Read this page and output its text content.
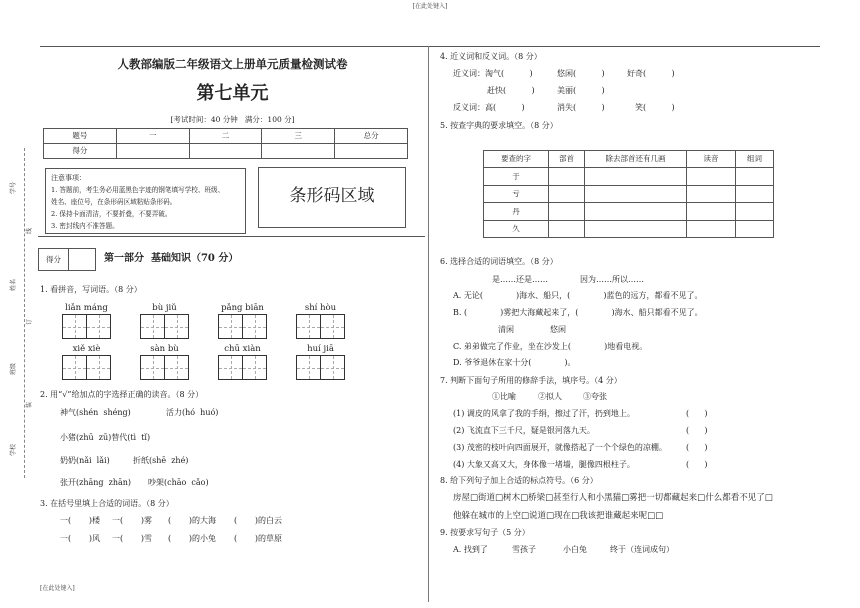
[在此处键入]
学号
线
姓名
订
班级
装
学校
人教部编版二年级语文上册单元质量检测试卷
第七单元
[考试时间：40 分钟   满分：100 分]
题号	一	二	三	总分
得分				
注意事项：
1. 答题前，考生务必用蓝黑色字迹的钢笔填写学校、班级、
姓名、座位号，在条形码区域粘贴条形码。
2. 保持卡面清洁，不要折叠，不要弄破。
3. 密封线内不准答题。
条形码区域
得分	第一部分  基础知识（70 分）
1. 看拼音，写词语。（8 分）
liǎn máng	bù jiǔ	pǎng biān	shí hòu
xiě xiè	sàn bù	chū xiàn	huí jiā
2. 用“√”给加点的字选择正确的读音。（8 分）
神气(shén  shéng)	活力(hó  huó)
小猪(zhū  zū)替代(tì  tǐ)
奶奶(nǎi  lǎi)	折纸(shē  zhé)
张开(zhāng  zhān) 吵架(chāo  cǎo)
3. 在括号里填上合适的词语。（8 分）
一(       )楼 一(       )雾 (       )的大海 (       )的白云
一(       )风 一(       )雪 (       )的小兔 (       )的草原
[在此处键入]
4. 近义词和反义词。（8 分）
近义词： 淘气(          )	悠闲(          )	好奇(          )
赶快(          )	美丽(          )
反义词： 高(          )	消失(          )	笑(          )
5. 按查字典的要求填空。（8 分）
要查的字	部首	除去部首还有几画	读音	组词
于				
亏				
丹				
久				
6. 选择合适的词语填空。（8 分）
是……还是……	因为……所以……
A. 无论(             )海水、船只，(             )蓝色的远方，都看不见了。
B. (             )雾把大海藏起来了，(             )海水、船只都看不见了。
清闲	悠闲
C. 弟弟做完了作业，坐在沙发上(             )地看电视。
D. 爷爷退休在家十分(             )。
7. 判断下面句子所用的修辞手法，填序号。（4 分）
①比喻	②拟人	③夸张
(1) 调皮的风拿了我的手绢，擦过了汗，扔到地上。	(      )
(2) 飞流直下三千尺，疑是银河落九天。	(      )
(3) 茂密的枝叶向四面展开，就像搭起了一个个绿色的凉棚。 (      )
(4) 大象又高又大，身体像一堵墙，腿像四根柱子。	(      )
8. 给下列句子加上合适的标点符号。（6 分）
房屋□街道□树木□桥梁□甚至行人和小黑猫□雾把一切都藏起来□什么都看不见了□
他躲在城市的上空□说道□现在□我该把谁藏起来呢□□
9. 按要求写句子（5 分）
A. 找到了	雪孩子	小白兔	终于（连词成句）
